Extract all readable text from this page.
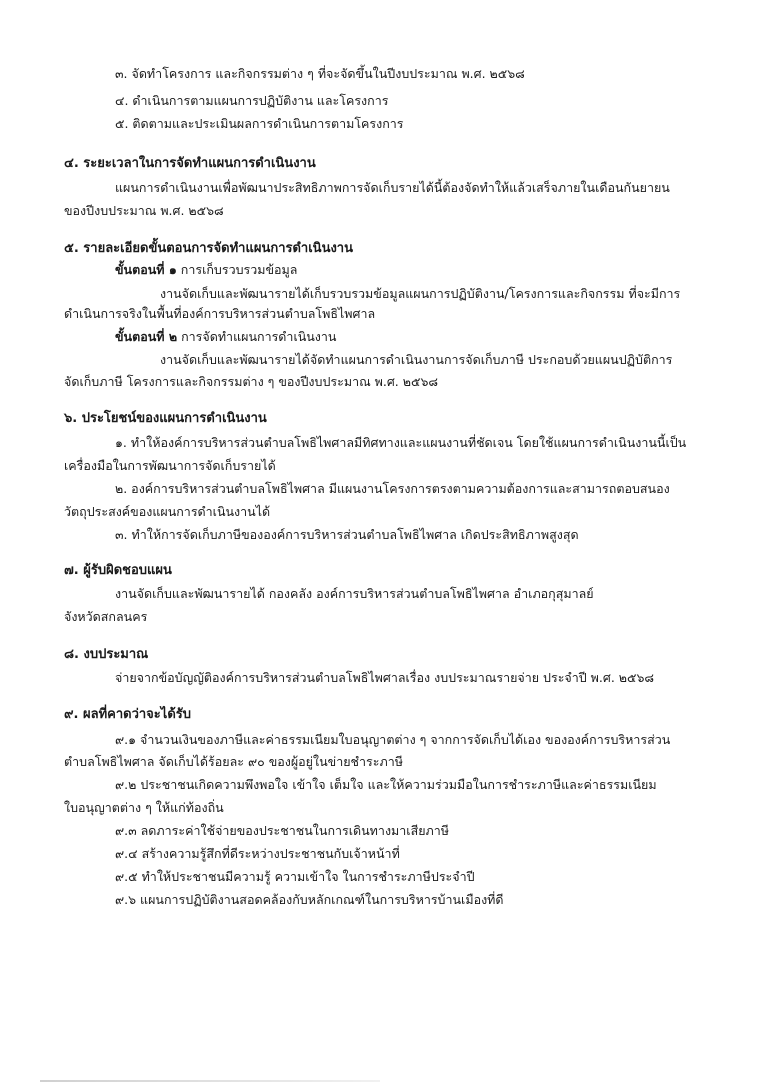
๓. จัดทำโครงการ และกิจกรรมต่าง ๆ ที่จะจัดขึ้นในปีงบประมาณ พ.ศ. ๒๕๖๘
๔. ดำเนินการตามแผนการปฏิบัติงาน และโครงการ
๕. ติดตามและประเมินผลการดำเนินการตามโครงการ
๔. ระยะเวลาในการจัดทำแผนการดำเนินงาน
แผนการดำเนินงานเพื่อพัฒนาประสิทธิภาพการจัดเก็บรายได้นี้ต้องจัดทำให้แล้วเสร็จภายในเดือนกันยายน
ของปีงบประมาณ พ.ศ. ๒๕๖๘
๕. รายละเอียดขั้นตอนการจัดทำแผนการดำเนินงาน
ขั้นตอนที่ ๑ การเก็บรวบรวมข้อมูล
งานจัดเก็บและพัฒนารายได้เก็บรวบรวมข้อมูลแผนการปฏิบัติงาน/โครงการและกิจกรรม ที่จะมีการ
ดำเนินการจริงในพื้นที่องค์การบริหารส่วนตำบลโพธิไพศาล
ขั้นตอนที่ ๒ การจัดทำแผนการดำเนินงาน
งานจัดเก็บและพัฒนารายได้จัดทำแผนการดำเนินงานการจัดเก็บภาษี ประกอบด้วยแผนปฏิบัติการ
จัดเก็บภาษี โครงการและกิจกรรมต่าง ๆ ของปีงบประมาณ พ.ศ. ๒๕๖๘
๖. ประโยชน์ของแผนการดำเนินงาน
๑. ทำให้องค์การบริหารส่วนตำบลโพธิไพศาลมีทิศทางและแผนงานที่ชัดเจน โดยใช้แผนการดำเนินงานนี้เป็น
เครื่องมือในการพัฒนาการจัดเก็บรายได้
๒. องค์การบริหารส่วนตำบลโพธิไพศาล มีแผนงานโครงการตรงตามความต้องการและสามารถตอบสนอง
วัตถุประสงค์ของแผนการดำเนินงานได้
๓. ทำให้การจัดเก็บภาษีขององค์การบริหารส่วนตำบลโพธิไพศาล เกิดประสิทธิภาพสูงสุด
๗. ผู้รับผิดชอบแผน
งานจัดเก็บและพัฒนารายได้ กองคลัง องค์การบริหารส่วนตำบลโพธิไพศาล อำเภอกุสุมาลย์
จังหวัดสกลนคร
๘. งบประมาณ
จ่ายจากข้อบัญญัติองค์การบริหารส่วนตำบลโพธิไพศาลเรื่อง งบประมาณรายจ่าย ประจำปี พ.ศ. ๒๕๖๘
๙. ผลที่คาดว่าจะได้รับ
๙.๑ จำนวนเงินของภาษีและค่าธรรมเนียมใบอนุญาตต่าง ๆ จากการจัดเก็บได้เอง ขององค์การบริหารส่วน
ตำบลโพธิไพศาล จัดเก็บได้ร้อยละ ๙๐ ของผู้อยู่ในข่ายชำระภาษี
๙.๒ ประชาชนเกิดความพึงพอใจ เข้าใจ เต็มใจ และให้ความร่วมมือในการชำระภาษีและค่าธรรมเนียม
ใบอนุญาตต่าง ๆ ให้แก่ท้องถิ่น
๙.๓ ลดภาระค่าใช้จ่ายของประชาชนในการเดินทางมาเสียภาษี
๙.๔ สร้างความรู้สึกที่ดีระหว่างประชาชนกับเจ้าหน้าที่
๙.๕ ทำให้ประชาชนมีความรู้ ความเข้าใจ ในการชำระภาษีประจำปี
๙.๖ แผนการปฏิบัติงานสอดคล้องกับหลักเกณฑ์ในการบริหารบ้านเมืองที่ดี
